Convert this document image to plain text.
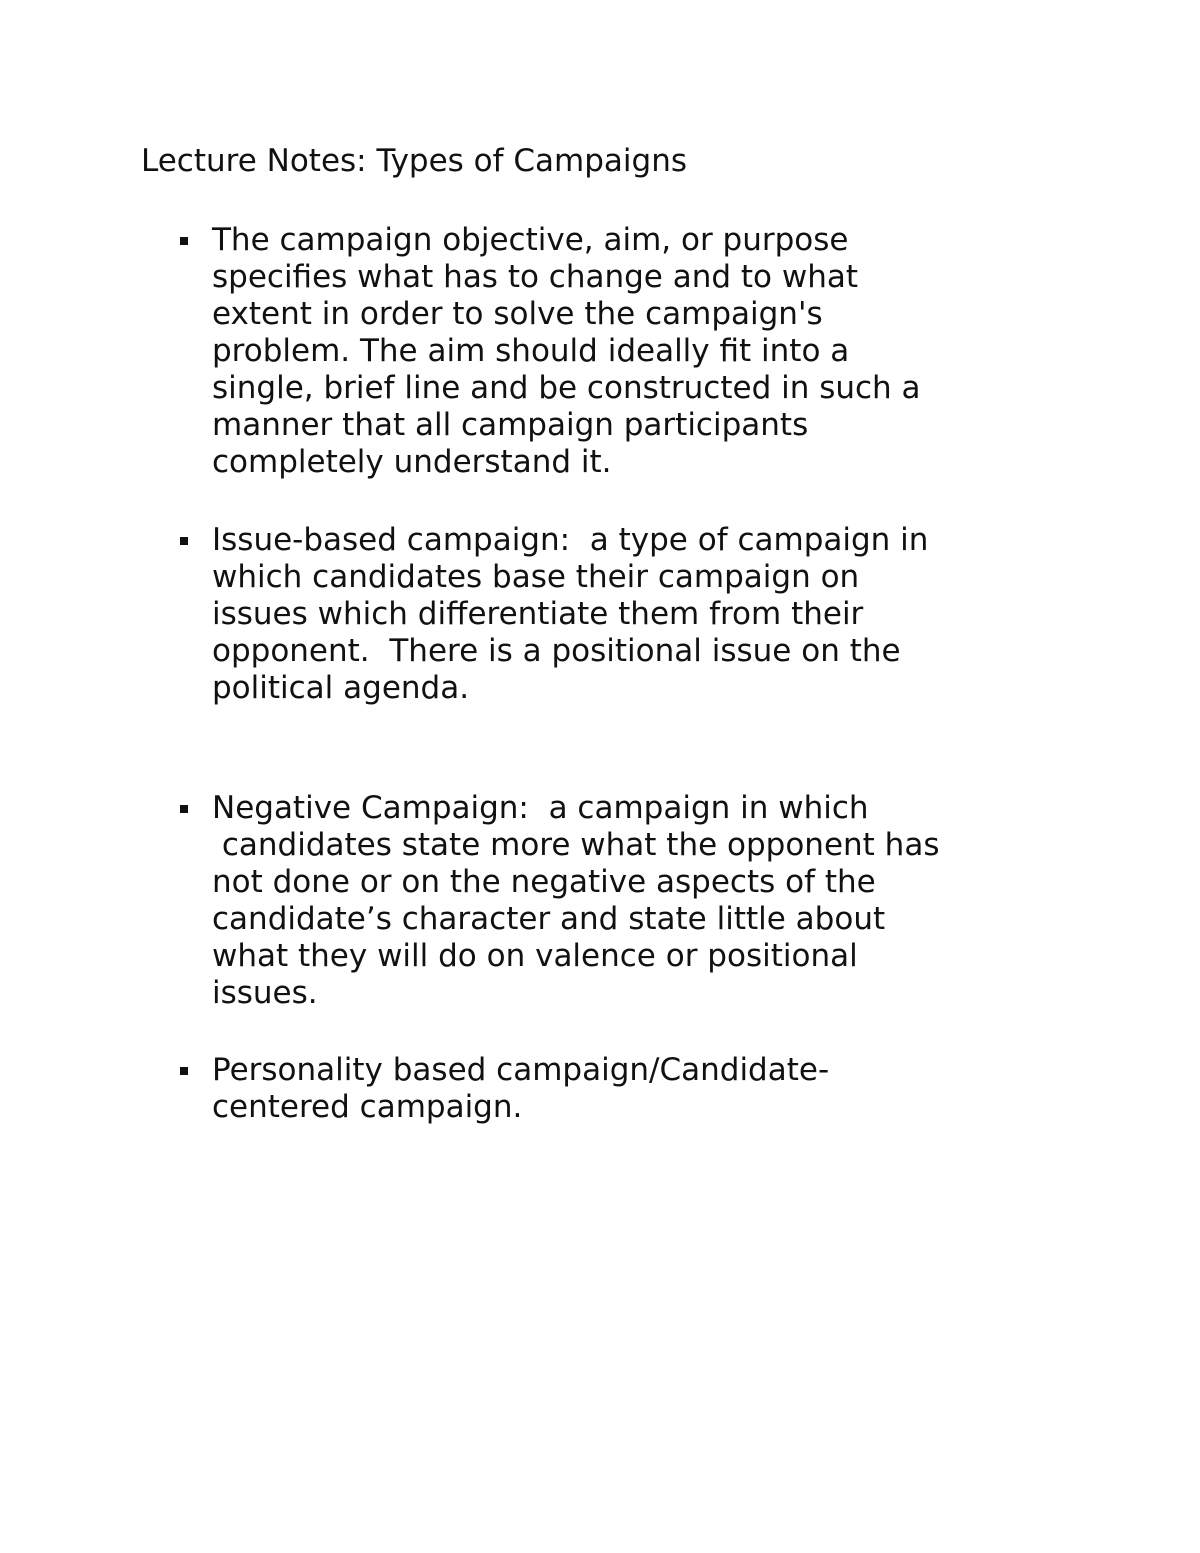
Lecture Notes: Types of Campaigns
The campaign objective, aim, or purpose
specifies what has to change and to what
extent in order to solve the campaign's
problem. The aim should ideally fit into a
single, brief line and be constructed in such a
manner that all campaign participants
completely understand it.
Issue-based campaign:  a type of campaign in
which candidates base their campaign on
issues which differentiate them from their
opponent.  There is a positional issue on the
political agenda.
Negative Campaign:  a campaign in which
candidates state more what the opponent has
not done or on the negative aspects of the
candidate’s character and state little about
what they will do on valence or positional
issues.
Personality based campaign/Candidate-
centered campaign.
